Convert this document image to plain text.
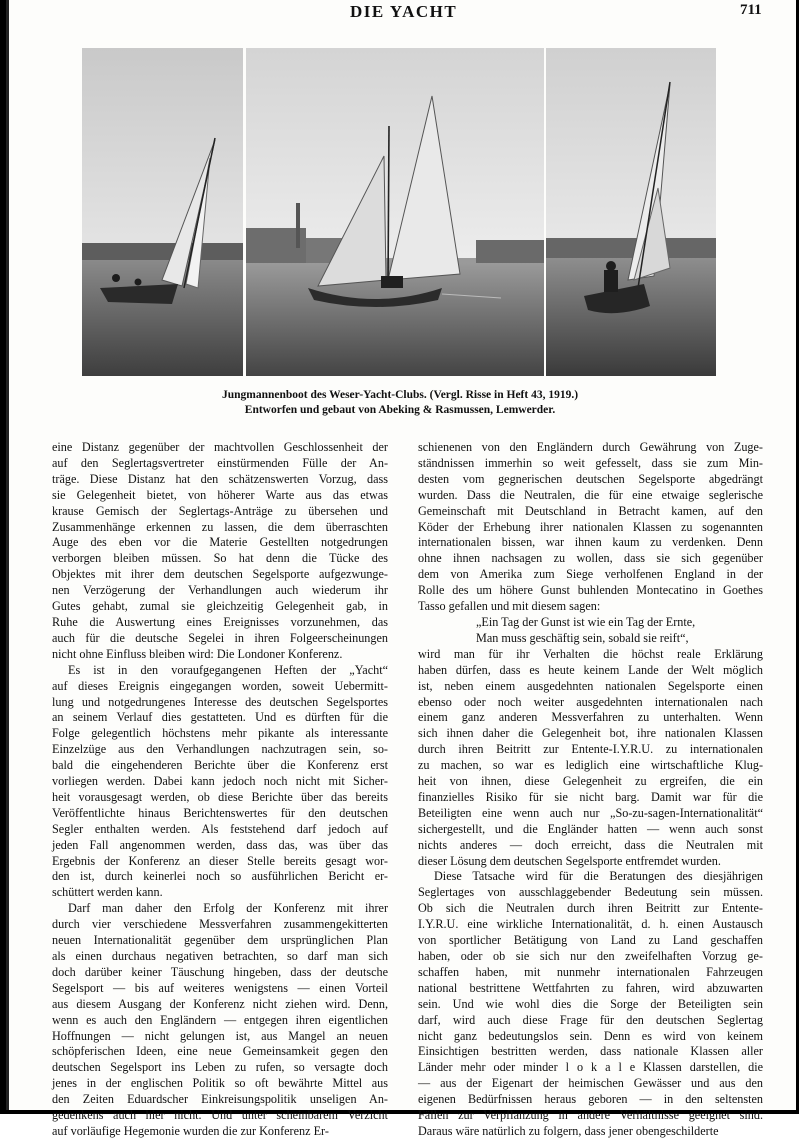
DIE YACHT	711
Jungmannenboot des Weser-Yacht-Clubs. (Vergl. Risse in Heft 43, 1919.)
Entworfen und gebaut von Abeking & Rasmussen, Lemwerder.
eine Distanz gegenüber der machtvollen Geschlossenheit der
auf den Seglertagsvertreter einstürmenden Fülle der An-
träge. Diese Distanz hat den schätzenswerten Vorzug, dass
sie Gelegenheit bietet, von höherer Warte aus das etwas
krause Gemisch der Seglertags-Anträge zu übersehen und
Zusammenhänge erkennen zu lassen, die dem überraschten
Auge des eben vor die Materie Gestellten notgedrungen
verborgen bleiben müssen. So hat denn die Tücke des
Objektes mit ihrer dem deutschen Segelsporte aufgezwunge-
nen Verzögerung der Verhandlungen auch wiederum ihr
Gutes gehabt, zumal sie gleichzeitig Gelegenheit gab, in
Ruhe die Auswertung eines Ereignisses vorzunehmen, das
auch für die deutsche Segelei in ihren Folgeerscheinungen
nicht ohne Einfluss bleiben wird: Die Londoner Konferenz.
Es ist in den voraufgegangenen Heften der „Yacht“
auf dieses Ereignis eingegangen worden, soweit Uebermitt-
lung und notgedrungenes Interesse des deutschen Segelsportes
an seinem Verlauf dies gestatteten. Und es dürften für die
Folge gelegentlich höchstens mehr pikante als interessante
Einzelzüge aus den Verhandlungen nachzutragen sein, so-
bald die eingehenderen Berichte über die Konferenz erst
vorliegen werden. Dabei kann jedoch noch nicht mit Sicher-
heit vorausgesagt werden, ob diese Berichte über das bereits
Veröffentlichte hinaus Berichtenswertes für den deutschen
Segler enthalten werden. Als feststehend darf jedoch auf
jeden Fall angenommen werden, dass das, was über das
Ergebnis der Konferenz an dieser Stelle bereits gesagt wor-
den ist, durch keinerlei noch so ausführlichen Bericht er-
schüttert werden kann.
Darf man daher den Erfolg der Konferenz mit ihrer
durch vier verschiedene Messverfahren zusammengekitterten
neuen Internationalität gegenüber dem ursprünglichen Plan
als einen durchaus negativen betrachten, so darf man sich
doch darüber keiner Täuschung hingeben, dass der deutsche
Segelsport — bis auf weiteres wenigstens — einen Vorteil
aus diesem Ausgang der Konferenz nicht ziehen wird. Denn,
wenn es auch den Engländern — entgegen ihren eigentlichen
Hoffnungen — nicht gelungen ist, aus Mangel an neuen
schöpferischen Ideen, eine neue Gemeinsamkeit gegen den
deutschen Segelsport ins Leben zu rufen, so versagte doch
jenes in der englischen Politik so oft bewährte Mittel aus
den Zeiten Eduardscher Einkreisungspolitik unseligen An-
gedenkens auch hier nicht. Und unter scheinbarem Verzicht
auf vorläufige Hegemonie wurden die zur Konferenz Er-
schienenen von den Engländern durch Gewährung von Zuge-
ständnissen immerhin so weit gefesselt, dass sie zum Min-
desten vom gegnerischen deutschen Segelsporte abgedrängt
wurden. Dass die Neutralen, die für eine etwaige seglerische
Gemeinschaft mit Deutschland in Betracht kamen, auf den
Köder der Erhebung ihrer nationalen Klassen zu sogenannten
internationalen bissen, war ihnen kaum zu verdenken. Denn
ohne ihnen nachsagen zu wollen, dass sie sich gegenüber
dem von Amerika zum Siege verholfenen England in der
Rolle des um höhere Gunst buhlenden Montecatino in Goethes
Tasso gefallen und mit diesem sagen:
„Ein Tag der Gunst ist wie ein Tag der Ernte,
Man muss geschäftig sein, sobald sie reift“,
wird man für ihr Verhalten die höchst reale Erklärung
haben dürfen, dass es heute keinem Lande der Welt möglich
ist, neben einem ausgedehnten nationalen Segelsporte einen
ebenso oder noch weiter ausgedehnten internationalen nach
einem ganz anderen Messverfahren zu unterhalten. Wenn
sich ihnen daher die Gelegenheit bot, ihre nationalen Klassen
durch ihren Beitritt zur Entente-I.Y.R.U. zu internationalen
zu machen, so war es lediglich eine wirtschaftliche Klug-
heit von ihnen, diese Gelegenheit zu ergreifen, die ein
finanzielles Risiko für sie nicht barg. Damit war für die
Beteiligten eine wenn auch nur „So-zu-sagen-Internationalität“
sichergestellt, und die Engländer hatten — wenn auch sonst
nichts anderes — doch erreicht, dass die Neutralen mit
dieser Lösung dem deutschen Segelsporte entfremdet wurden.
Diese Tatsache wird für die Beratungen des diesjährigen
Seglertages von ausschlaggebender Bedeutung sein müssen.
Ob sich die Neutralen durch ihren Beitritt zur Entente-
I.Y.R.U. eine wirkliche Internationalität, d. h. einen Austausch
von sportlicher Betätigung von Land zu Land geschaffen
haben, oder ob sie sich nur den zweifelhaften Vorzug ge-
schaffen haben, mit nunmehr internationalen Fahrzeugen
national bestrittene Wettfahrten zu fahren, wird abzuwarten
sein. Und wie wohl dies die Sorge der Beteiligten sein
darf, wird auch diese Frage für den deutschen Seglertag
nicht ganz bedeutungslos sein. Denn es wird von keinem
Einsichtigen bestritten werden, dass nationale Klassen aller
Länder mehr oder minder l o k a l e Klassen darstellen, die
— aus der Eigenart der heimischen Gewässer und aus den
eigenen Bedürfnissen heraus geboren — in den seltensten
Fällen zur Verpflanzung in andere Verhältnisse geeignet sind.
Daraus wäre natürlich zu folgern, dass jener obengeschilderte
